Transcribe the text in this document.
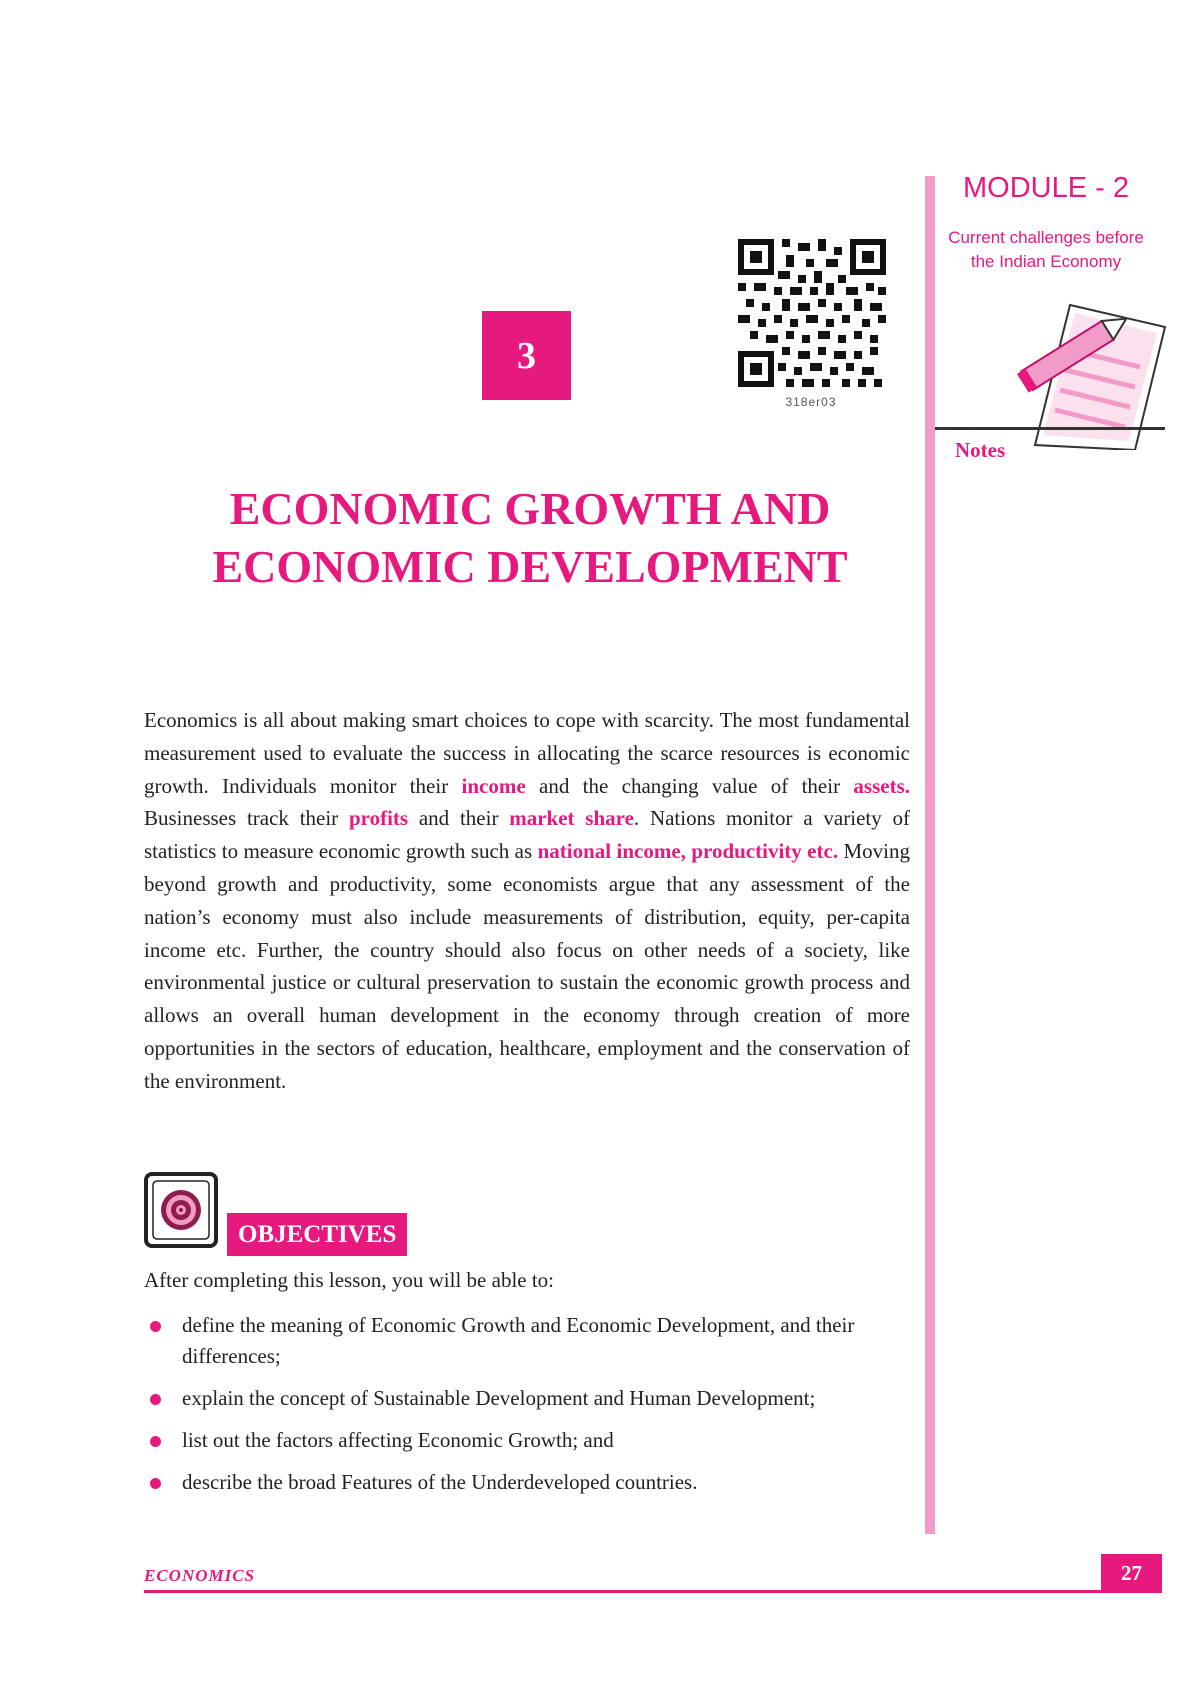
MODULE - 2
Current challenges before
the Indian Economy
Notes
3
318er03
ECONOMIC GROWTH AND
ECONOMIC DEVELOPMENT
Economics is all about making smart choices to cope with scarcity. The most fundamental measurement used to evaluate the success in allocating the scarce resources is economic growth. Individuals monitor their income and the changing value of their assets. Businesses track their profits and their market share. Nations monitor a variety of statistics to measure economic growth such as national income, productivity etc. Moving beyond growth and productivity, some economists argue that any assessment of the nation’s economy must also include measurements of distribution, equity, per-capita income etc. Further, the country should also focus on other needs of a society, like environmental justice or cultural preservation to sustain the economic growth process and allows an overall human development in the economy through creation of more opportunities in the sectors of education, healthcare, employment and the conservation of the environment.
OBJECTIVES
After completing this lesson, you will be able to:
define the meaning of Economic Growth and Economic Development, and their differences;
explain the concept of Sustainable Development and Human Development;
list out the factors affecting Economic Growth; and
describe the broad Features of the Underdeveloped countries.
ECONOMICS	27
